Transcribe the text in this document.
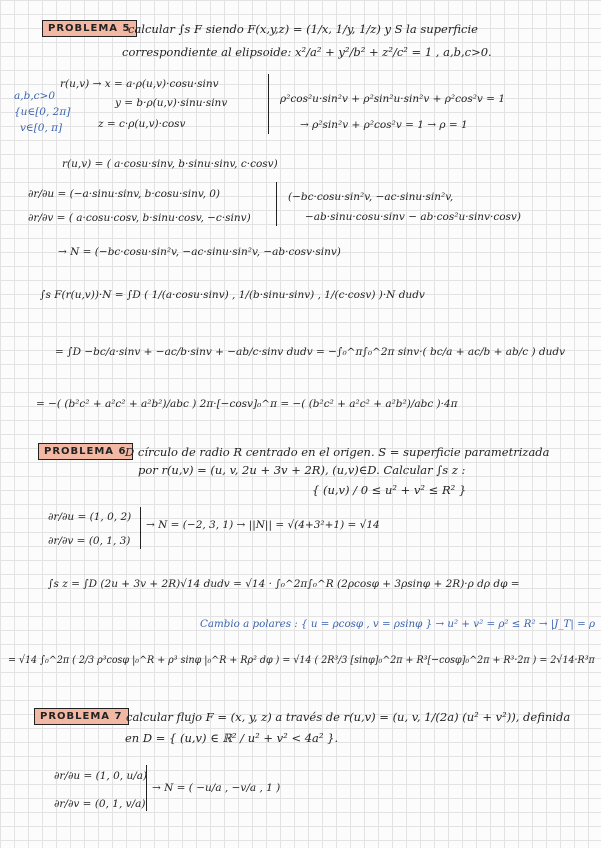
PROBLEMA 5
calcular ∫s F siendo F(x,y,z) = (1/x, 1/y, 1/z) y S la superficie
correspondiente al elipsoide: x²/a² + y²/b² + z²/c² = 1 , a,b,c>0.
a,b,c>0
{u∈[0, 2π]
v∈[0, π]
r(u,v) → x = a·ρ(u,v)·cosu·sinv
y = b·ρ(u,v)·sinu·sinv
z = c·ρ(u,v)·cosv
ρ²cos²u·sin²v + ρ²sin²u·sin²v + ρ²cos²v = 1
→ ρ²sin²v + ρ²cos²v = 1 → ρ = 1
r(u,v) = ( a·cosu·sinv, b·sinu·sinv, c·cosv)
∂r/∂u = (−a·sinu·sinv, b·cosu·sinv, 0)
∂r/∂v = ( a·cosu·cosv, b·sinu·cosv, −c·sinv)
(−bc·cosu·sin²v, −ac·sinu·sin²v,
−ab·sinu·cosu·sinv − ab·cos²u·sinv·cosv)
→ N = (−bc·cosu·sin²v, −ac·sinu·sin²v, −ab·cosv·sinv)
∫s F(r(u,v))·N = ∫D ( 1/(a·cosu·sinv) , 1/(b·sinu·sinv) , 1/(c·cosv) )·N dudv
= ∫D −bc/a·sinv + −ac/b·sinv + −ab/c·sinv dudv = −∫₀^π∫₀^2π sinv·( bc/a + ac/b + ab/c ) dudv
= −( (b²c² + a²c² + a²b²)/abc ) 2π·[−cosv]₀^π = −( (b²c² + a²c² + a²b²)/abc )·4π
PROBLEMA 6
D círculo de radio R centrado en el origen. S = superficie parametrizada
por r(u,v) = (u, v, 2u + 3v + 2R), (u,v)∈D. Calcular ∫s z :
{ (u,v) / 0 ≤ u² + v² ≤ R² }
∂r/∂u = (1, 0, 2)
∂r/∂v = (0, 1, 3)
→ N = (−2, 3, 1) → ||N|| = √(4+3²+1) = √14
∫s z = ∫D (2u + 3v + 2R)√14 dudv = √14 · ∫₀^2π∫₀^R (2ρcosφ + 3ρsinφ + 2R)·ρ dρ dφ =
Cambio a polares : { u = ρcosφ , v = ρsinφ } → u² + v² = ρ² ≤ R² → |J_T| = ρ
= √14 ∫₀^2π ( 2/3 ρ³cosφ |₀^R + ρ³ sinφ |₀^R + Rρ² dφ ) = √14 ( 2R³/3 [sinφ]₀^2π + R³[−cosφ]₀^2π + R³·2π ) = 2√14·R³π
PROBLEMA 7 calcular flujo F = (x, y, z) a través de r(u,v) = (u, v, 1/(2a) (u² + v²)), definida
en D = { (u,v) ∈ ℝ² / u² + v² < 4a² }.
∂r/∂u = (1, 0, u/a)
∂r/∂v = (0, 1, v/a)
→ N = ( −u/a , −v/a , 1 )
